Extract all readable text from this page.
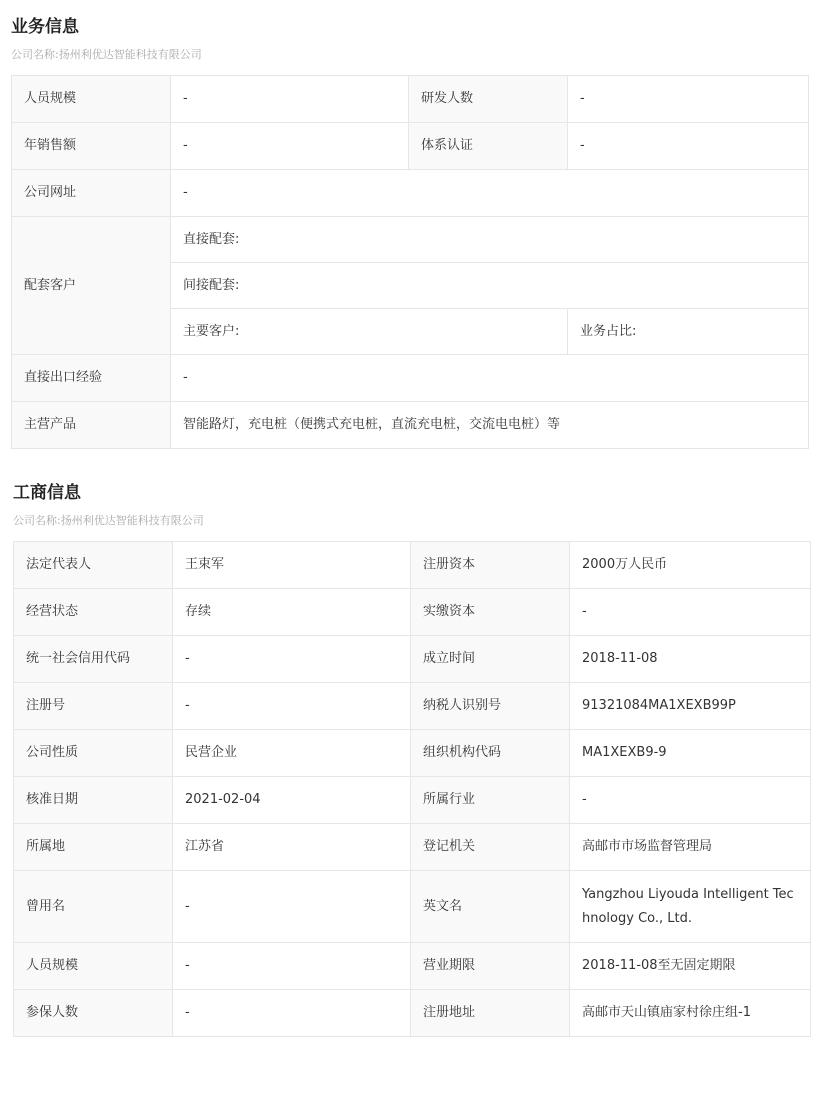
业务信息
公司名称:扬州利优达智能科技有限公司
人员规模	-	研发人数	-
年销售额	-	体系认证	-
公司网址	-		
配套客户	直接配套:		
	间接配套:		
	主要客户:		业务占比:
直接出口经验	-		
主营产品	智能路灯，充电桩（便携式充电桩，直流充电桩，交流电电桩）等		
工商信息
公司名称:扬州利优达智能科技有限公司
法定代表人	王束军	注册资本	2000万人民币
经营状态	存续	实缴资本	-
统一社会信用代码	-	成立时间	2018-11-08
注册号	-	纳税人识别号	91321084MA1XEXB99P
公司性质	民营企业	组织机构代码	MA1XEXB9-9
核准日期	2021-02-04	所属行业	-
所属地	江苏省	登记机关	高邮市市场监督管理局
曾用名	-	英文名	Yangzhou Liyouda Intelligent Technology Co., Ltd.
人员规模	-	营业期限	2018-11-08至无固定期限
参保人数	-	注册地址	高邮市天山镇庙家村徐庄组-1
